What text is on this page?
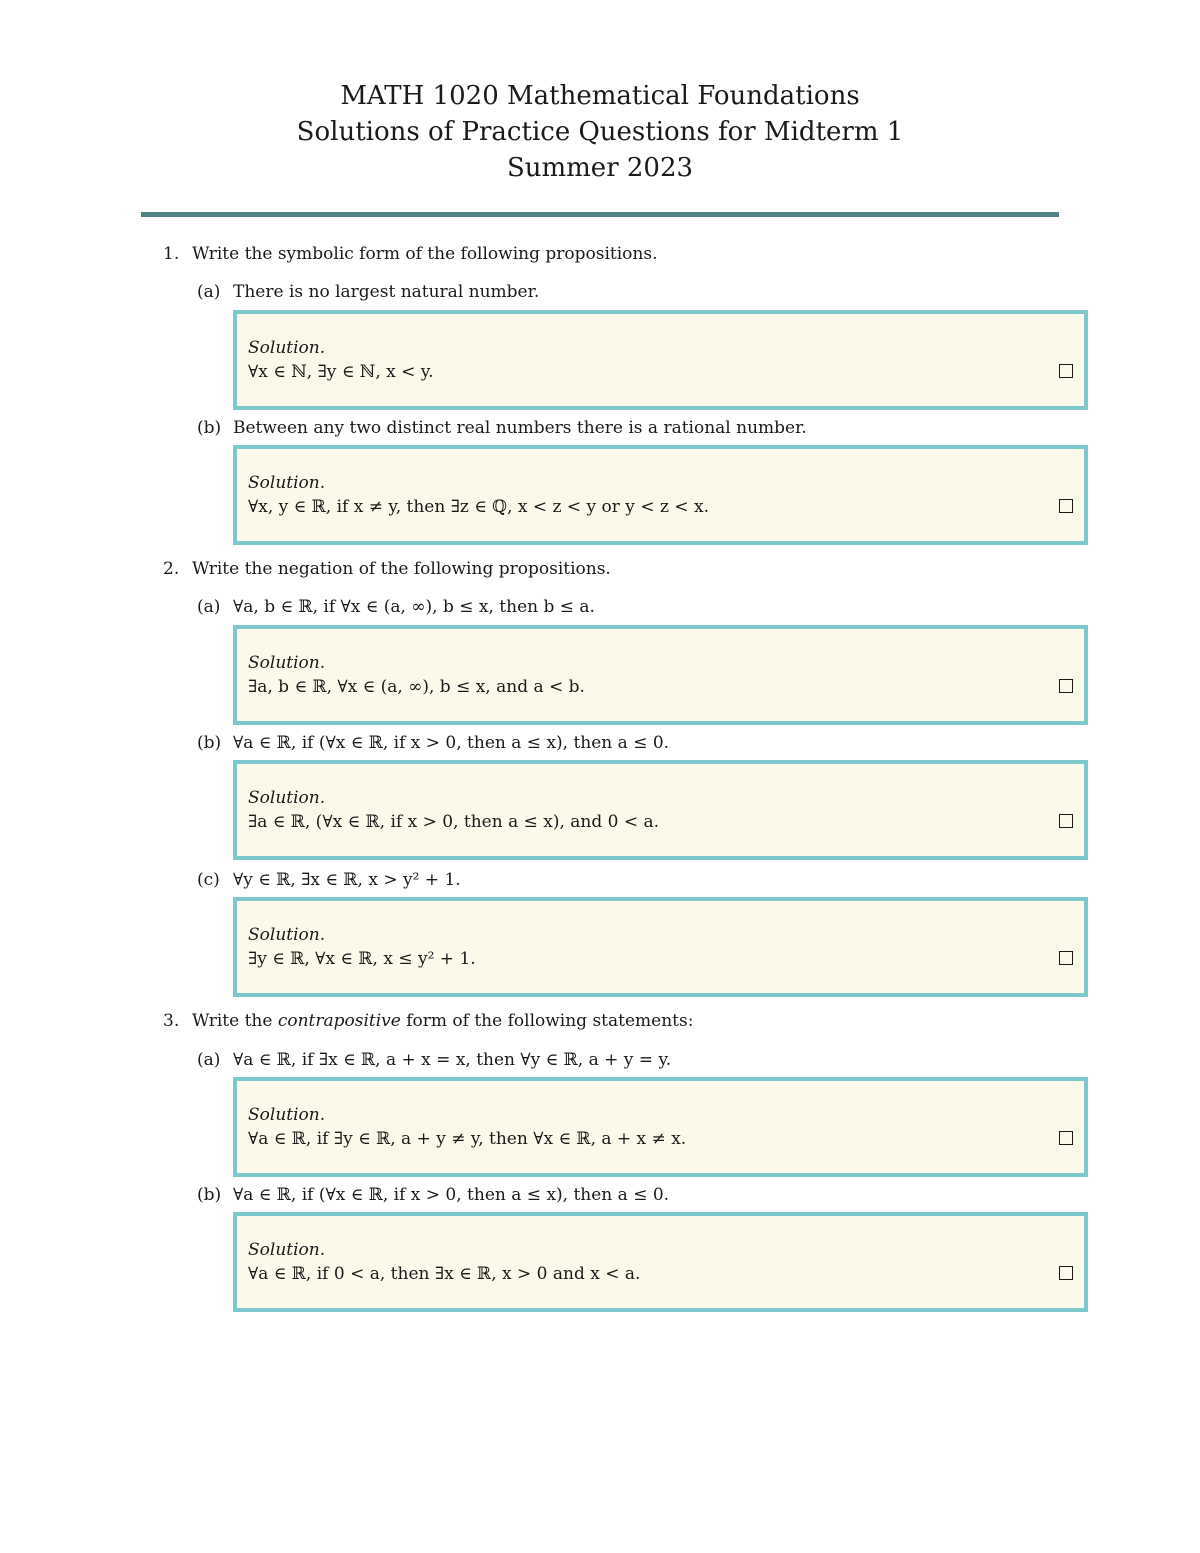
MATH 1020 Mathematical Foundations
Solutions of Practice Questions for Midterm 1
Summer 2023
1. Write the symbolic form of the following propositions.
(a) There is no largest natural number.
Solution.
∀x ∈ ℕ, ∃y ∈ ℕ, x < y.
(b) Between any two distinct real numbers there is a rational number.
Solution.
∀x, y ∈ ℝ, if x ≠ y, then ∃z ∈ ℚ, x < z < y or y < z < x.
2. Write the negation of the following propositions.
(a) ∀a, b ∈ ℝ, if ∀x ∈ (a, ∞), b ≤ x, then b ≤ a.
Solution.
∃a, b ∈ ℝ, ∀x ∈ (a, ∞), b ≤ x, and a < b.
(b) ∀a ∈ ℝ, if (∀x ∈ ℝ, if x > 0, then a ≤ x), then a ≤ 0.
Solution.
∃a ∈ ℝ, (∀x ∈ ℝ, if x > 0, then a ≤ x), and 0 < a.
(c) ∀y ∈ ℝ, ∃x ∈ ℝ, x > y² + 1.
Solution.
∃y ∈ ℝ, ∀x ∈ ℝ, x ≤ y² + 1.
3. Write the contrapositive form of the following statements:
(a) ∀a ∈ ℝ, if ∃x ∈ ℝ, a + x = x, then ∀y ∈ ℝ, a + y = y.
Solution.
∀a ∈ ℝ, if ∃y ∈ ℝ, a + y ≠ y, then ∀x ∈ ℝ, a + x ≠ x.
(b) ∀a ∈ ℝ, if (∀x ∈ ℝ, if x > 0, then a ≤ x), then a ≤ 0.
Solution.
∀a ∈ ℝ, if 0 < a, then ∃x ∈ ℝ, x > 0 and x < a.
